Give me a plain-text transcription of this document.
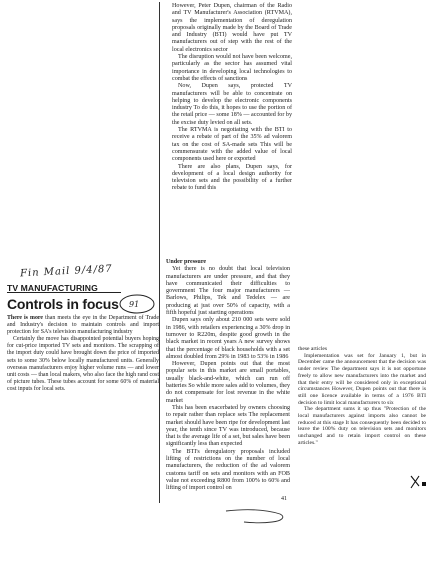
However, Peter Dupen, chairman of the Radio and TV Manufacturer's Association (RTVMA), says the implementation of deregulation proposals originally made by the Board of Trade and Industry (BTI) would have put TV manufacturers out of step with the rest of the local electronics sector

The disruption would not have been welcome, particularly as the sector has assumed vital importance in developing local technologies to combat the effects of sanctions

Now, Dupen says, protected TV manufacturers will be able to concentrate on helping to develop the electronic components industry To do this, it hopes to use the portion of the retail price — some 18% — accounted for by the excise duty levied on all sets.

The RTVMA is negotiating with the BTI to receive a rebate of part of the 35% ad valorem tax on the cost of SA-made sets This will be commensurate with the added value of local components used here or exported

There are also plans, Dupen says, for development of a local design authority for television sets and the possibility of a further rebate to fund this

Under pressure

Yet there is no doubt that local television manufacturers are under pressure, and that they have communicated their difficulties to government The four major manufacturers — Barlows, Philips, Tek and Tedelex — are producing at just over 50% of capacity, with a fifth hopeful just starting operations

Dupen says only about 210 000 sets were sold in 1986, with retailers experiencing a 30% drop in turnover to R220m, despite good growth in the black market in recent years A new survey shows that the percentage of black households with a set almost doubled from 29% in 1983 to 53% in 1986

However, Dupen points out that the most popular sets in this market are small portables, usually black-and-white, which can run off batteries So while more sales add to volumes, they do not compensate for lost revenue in the white market

This has been exacerbated by owners choosing to repair rather than replace sets The replacement market should have been ripe for development last year, the tenth since TV was introduced, because that is the average life of a set, but sales have been significantly less than expected

The BTI's deregulatory proposals included lifting of restrictions on the number of local manufacturers, the reduction of the ad valorem customs tariff on sets and monitors with an FOB value not exceeding R800 from 100% to 60% and lifting of import control on

Fin Mail 9/4/87
TV MANUFACTURING
Controls in focus 91

There is more than meets the eye in the Department of Trade and Industry's decision to maintain controls and import protection for SA's television manufacturing industry

Certainly the move has disappointed potential buyers hoping for cut-price imported TV sets and monitors. The scrapping of the import duty could have brought down the price of imported sets to some 30% below locally manufactured units. Generally overseas manufacturers enjoy higher volume runs — and lower unit costs — than local makers, who also face the high rand cost of picture tubes. These tubes account for some 60% of material cost inputs for local sets.

these articles

Implementation was set for January 1, but in December came the announcement that the decision was under review The department says it is not opportune freely to allow new manufacturers into the market and that their entry will be considered only in exceptional circumstances However, Dupen points out that there is still one licence available in terms of a 1976 BTI decision to limit local manufacturers to six

The department sums it up thus "Protection of the local manufacturers against imports also cannot be reduced at this stage It has consequently been decided to leave the 100% duty on television sets and monitors unchanged and to retain import control on these articles."

41
